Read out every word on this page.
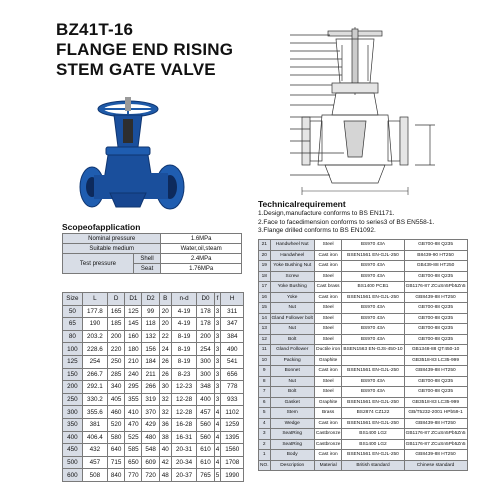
BZ41T-16
FLANGE END RISING
STEM GATE VALVE
Technicalrequirement
1.Design,manufacture conforms to BS EN1171.
2.Face to facedimension conforms to series3 of BS EN558-1.
3.Flange drilled conforms to BS EN1092.
Scopeofapplication
Nominal pressure		1.6MPa
Suitable medium		Water,oil,steam
Test pressure	Shell	2.4MPa
	Seat	1.76MPa
Size	L	D	D1	D2	B	n-d	D0	f	H
50	177.8	165	125	99	20	4-19	178	3	311
65	190	185	145	118	20	4-19	178	3	347
80	203.2	200	160	132	22	8-19	200	3	384
100	228.6	220	180	156	24	8-19	254	3	490
125	254	250	210	184	26	8-19	300	3	541
150	266.7	285	240	211	26	8-23	300	3	656
200	292.1	340	295	266	30	12-23	348	3	778
250	330.2	405	355	319	32	12-28	400	3	933
300	355.6	460	410	370	32	12-28	457	4	1102
350	381	520	470	429	36	16-28	560	4	1259
400	406.4	580	525	480	38	16-31	560	4	1395
450	432	640	585	548	40	20-31	610	4	1560
500	457	715	650	609	42	20-34	610	4	1708
600	508	840	770	720	48	20-37	765	5	1990
21	Handwheel Nut	Steel	BS970 43A	GB700-88 Q235
20	Handwheel	Cast iron	BSEN1561 EN-GJL-250	B8439-90 HT250
19	Yoke Bushing Nut	Cast iron	BS970 43A	GB439-88 HT250
18	Screw	Steel	BS970 43A	GB700-88 Q235
17	Yoke Bushing	Cast brass	BS1400 PCB1	GB1176-87 ZCuSn5Pb5Zn5
16	Yoke	Cast iron	BSEN1561 EN-GJL-250	GB8439-88 HT250
15	Nut	Steel	BS970 43A	GB700-88 Q235
14	Gland Follower bolt	Steel	BS970 43A	GB700-88 Q235
13	Nut	Steel	BS970 43A	GB700-88 Q235
12	Bolt	Steel	BS970 43A	GB700-88 Q235
11	Gland Follower	Ductile iron	BSEN1563 EN-GJS-450-10	GB1348-88 QT450-10
10	Packing	Graphite		GB3518-83 LC35-999
9	Bonnet	Cast iron	BSEN1561 EN-GJL-250	GB8439-88 HT250
8	Nut	Steel	BS970 43A	GB700-88 Q235
7	Bolt	Steel	BS970 43A	GB700-88 Q235
6	Gasket	Graphite	BSEN1561 EN-GJL-250	GB3518-83 LC35-999
5	Stem	Brass	BS2874 CZ122	GB/T5232-2001 HPb59-1
4	Wedge	Cast iron	BSEN1561 EN-GJL-250	GB8439-88 HT250
3	SeatRing	Castbronze	BS1400 LG2	GB1176-87 ZCuSn5Pb5Zn5
2	SeatRing	Castbronze	BS1400 LG2	GB1176-87 ZCuSn5Pb5Zn5
1	Body	Cast iron	BSEN1561 EN-GJL-250	GB8439-88 HT250
NO.	Description	Material	British standard	Chinese standard
